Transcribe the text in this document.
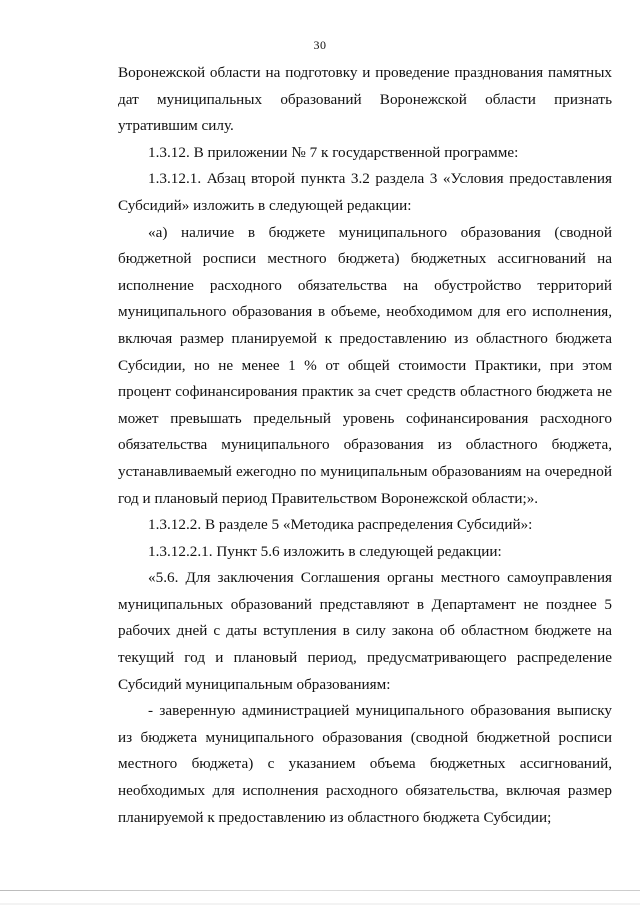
30

Воронежской области на подготовку и проведение празднования памятных дат муниципальных образований Воронежской области признать утратившим силу.

1.3.12. В приложении № 7 к государственной программе:

1.3.12.1. Абзац второй пункта 3.2 раздела 3 «Условия предоставления Субсидий» изложить в следующей редакции:

«а) наличие в бюджете муниципального образования (сводной бюджетной росписи местного бюджета) бюджетных ассигнований на исполнение расходного обязательства на обустройство территорий муниципального образования в объеме, необходимом для его исполнения, включая размер планируемой к предоставлению из областного бюджета Субсидии, но не менее 1 % от общей стоимости Практики, при этом процент софинансирования практик за счет средств областного бюджета не может превышать предельный уровень софинансирования расходного обязательства муниципального образования из областного бюджета, устанавливаемый ежегодно по муниципальным образованиям на очередной год и плановый период Правительством Воронежской области;».

1.3.12.2. В разделе 5 «Методика распределения Субсидий»:

1.3.12.2.1. Пункт 5.6 изложить в следующей редакции:

«5.6. Для заключения Соглашения органы местного самоуправления муниципальных образований представляют в Департамент не позднее 5 рабочих дней с даты вступления в силу закона об областном бюджете на текущий год и плановый период, предусматривающего распределение Субсидий муниципальным образованиям:

- заверенную администрацией муниципального образования выписку из бюджета муниципального образования (сводной бюджетной росписи местного бюджета) с указанием объема бюджетных ассигнований, необходимых для исполнения расходного обязательства, включая размер планируемой к предоставлению из областного бюджета Субсидии;
